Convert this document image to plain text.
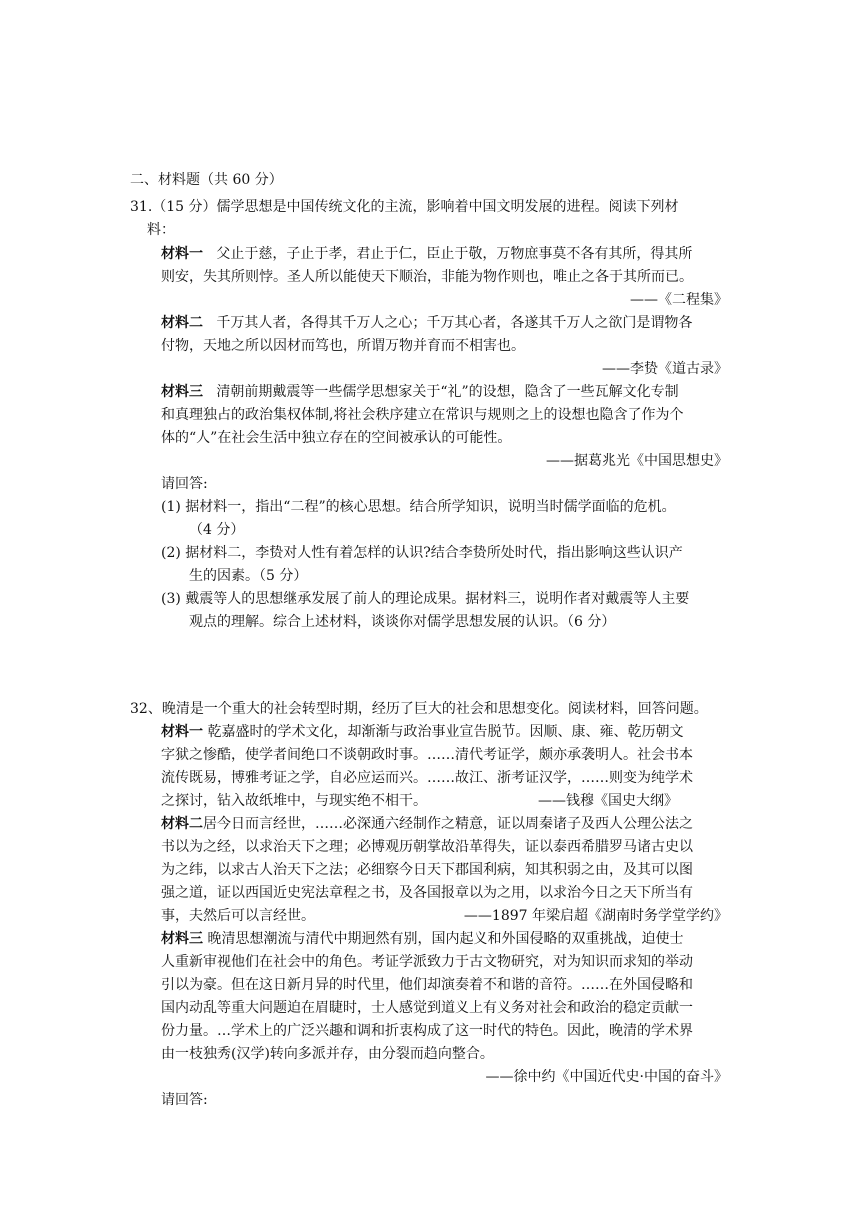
二、材料题（共 60 分）
31.（15 分）儒学思想是中国传统文化的主流，影响着中国文明发展的进程。阅读下列材
料：
材料一 父止于慈，子止于孝，君止于仁，臣止于敬，万物庶事莫不各有其所，得其所
则安，失其所则悖。圣人所以能使天下顺治，非能为物作则也，唯止之各于其所而已。
——《二程集》
材料二 千万其人者，各得其千万人之心；千万其心者，各遂其千万人之欲门是谓物各
付物，天地之所以因材而笃也，所谓万物并育而不相害也。
——李贽《道古录》
材料三 清朝前期戴震等一些儒学思想家关于“礼”的设想，隐含了一些瓦解文化专制
和真理独占的政治集权体制,将社会秩序建立在常识与规则之上的设想也隐含了作为个
体的“人”在社会生活中独立存在的空间被承认的可能性。
——据葛兆光《中国思想史》
请回答:
(1) 据材料一，指出“二程”的核心思想。结合所学知识，说明当时儒学面临的危机。
（4 分）
(2) 据材料二，李贽对人性有着怎样的认识?结合李贽所处时代，指出影响这些认识产
生的因素。（5 分）
(3) 戴震等人的思想继承发展了前人的理论成果。据材料三，说明作者对戴震等人主要
观点的理解。综合上述材料，谈谈你对儒学思想发展的认识。（6 分）
32、晚清是一个重大的社会转型时期，经历了巨大的社会和思想变化。阅读材料，回答问题。
材料一 乾嘉盛时的学术文化，却渐渐与政治事业宣告脱节。因顺、康、雍、乾历朝文
字狱之惨酷，使学者间绝口不谈朝政时事。……清代考证学，颇亦承袭明人。社会书本
流传既易，博雅考证之学，自必应运而兴。……故江、浙考证汉学，……则变为纯学术
之探讨，钻入故纸堆中，与现实绝不相干。	——钱穆《国史大纲》
材料二居今日而言经世，……必深通六经制作之精意，证以周秦诸子及西人公理公法之
书以为之经，以求治天下之理；必博观历朝掌故沿革得失，证以泰西希腊罗马诸古史以
为之纬，以求古人治天下之法；必细察今日天下郡国利病，知其积弱之由，及其可以图
强之道，证以西国近史宪法章程之书，及各国报章以为之用，以求治今日之天下所当有
事，夫然后可以言经世。	——1897 年梁启超《湖南时务学堂学约》
材料三 晚清思想潮流与清代中期迥然有别，国内起义和外国侵略的双重挑战，迫使士
人重新审视他们在社会中的角色。考证学派致力于古文物研究，对为知识而求知的举动
引以为豪。但在这日新月异的时代里，他们却演奏着不和谐的音符。……在外国侵略和
国内动乱等重大问题迫在眉睫时，士人感觉到道义上有义务对社会和政治的稳定贡献一
份力量。…学术上的广泛兴趣和调和折衷构成了这一时代的特色。因此，晚清的学术界
由一枝独秀(汉学)转向多派并存，由分裂而趋向整合。
——徐中约《中国近代史·中国的奋斗》
请回答:
